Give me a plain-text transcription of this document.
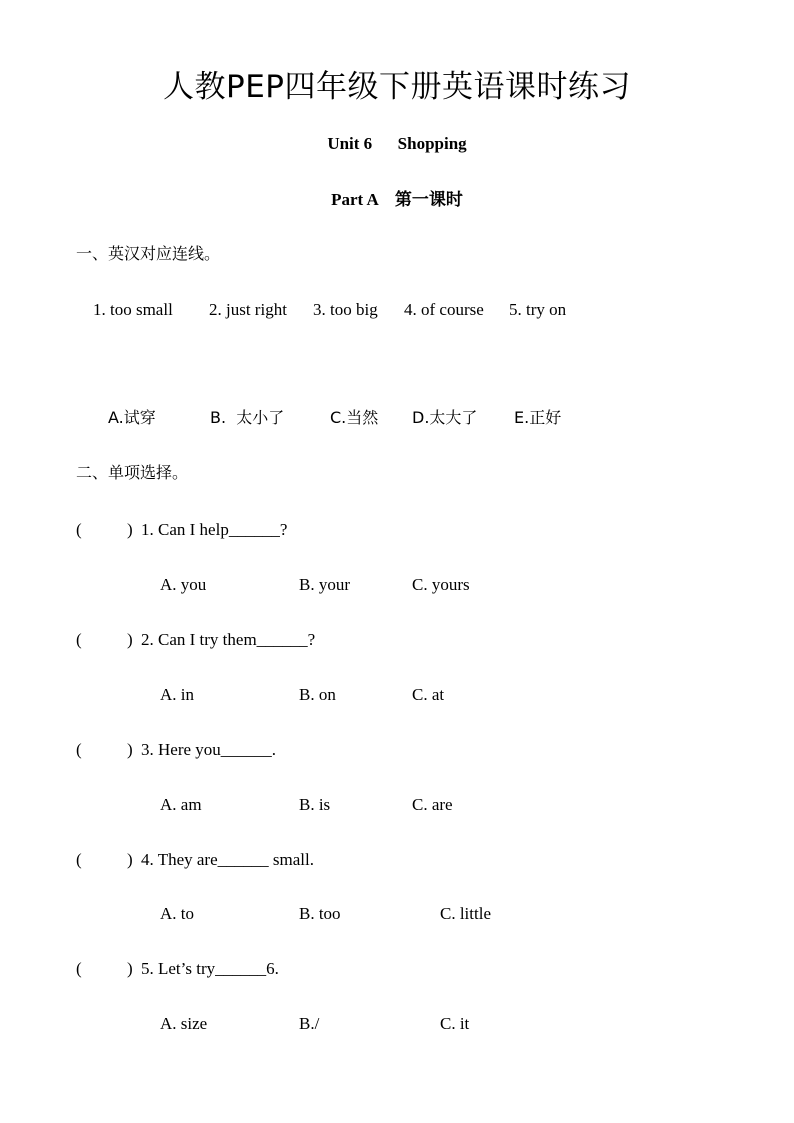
人教PEP四年级下册英语课时练习
Unit 6      Shopping
Part A    第一课时
一、英汉对应连线。
1. too small 2. just right 3. too big 4. of course 5. try on
A.试穿	B.  太小了	C.当然 D.太大了 E.正好
二、单项选择。
(	) 1. Can I help______?
A. you	B. your	C. yours
(	) 2. Can I try them______?
A. in	B. on	C. at
(	) 3. Here you______.
A. am	B. is	C. are
(	) 4. They are______ small.
A. to	B. too	C. little
(	) 5. Let’s try______6.
A. size	B./	C. it
